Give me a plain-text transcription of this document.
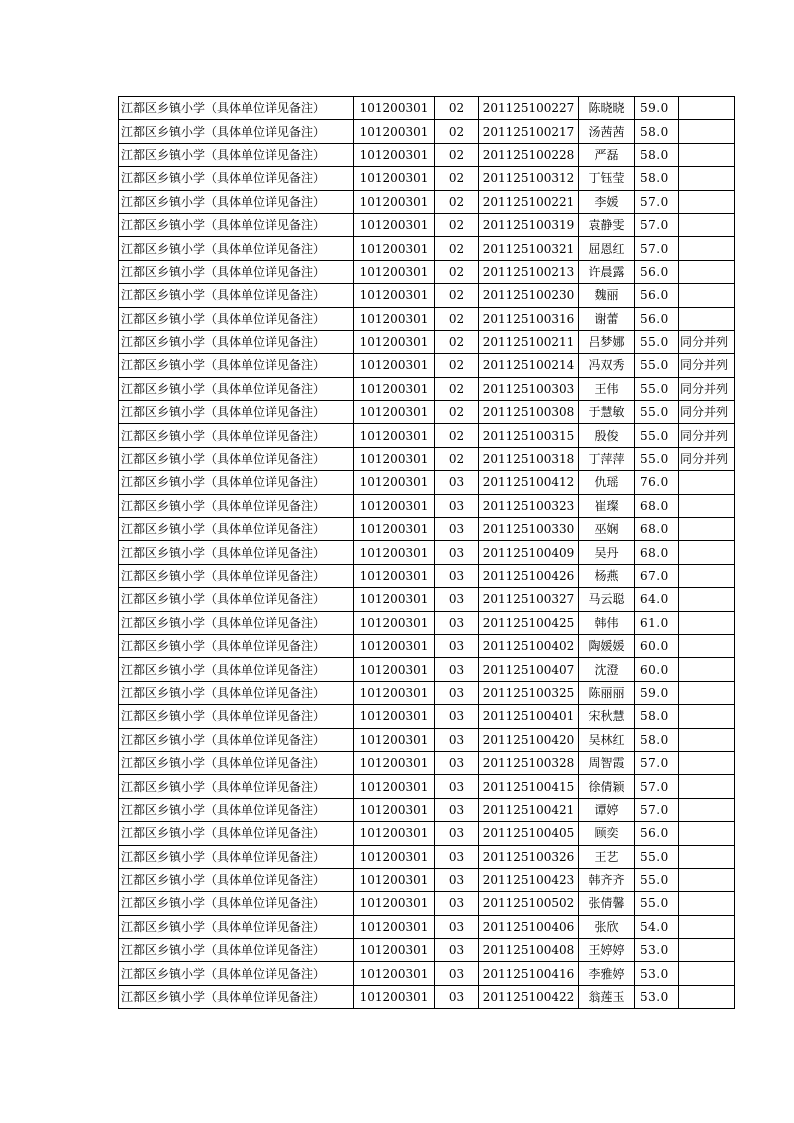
江都区乡镇小学（具体单位详见备注）	101200301	02	201125100227	陈晓晓	59.0	
江都区乡镇小学（具体单位详见备注）	101200301	02	201125100217	汤茜茜	58.0	
江都区乡镇小学（具体单位详见备注）	101200301	02	201125100228	严磊	58.0	
江都区乡镇小学（具体单位详见备注）	101200301	02	201125100312	丁钰莹	58.0	
江都区乡镇小学（具体单位详见备注）	101200301	02	201125100221	李媛	57.0	
江都区乡镇小学（具体单位详见备注）	101200301	02	201125100319	袁静雯	57.0	
江都区乡镇小学（具体单位详见备注）	101200301	02	201125100321	屈恩红	57.0	
江都区乡镇小学（具体单位详见备注）	101200301	02	201125100213	许晨露	56.0	
江都区乡镇小学（具体单位详见备注）	101200301	02	201125100230	魏丽	56.0	
江都区乡镇小学（具体单位详见备注）	101200301	02	201125100316	谢蕾	56.0	
江都区乡镇小学（具体单位详见备注）	101200301	02	201125100211	吕梦娜	55.0	同分并列
江都区乡镇小学（具体单位详见备注）	101200301	02	201125100214	冯双秀	55.0	同分并列
江都区乡镇小学（具体单位详见备注）	101200301	02	201125100303	王伟	55.0	同分并列
江都区乡镇小学（具体单位详见备注）	101200301	02	201125100308	于慧敏	55.0	同分并列
江都区乡镇小学（具体单位详见备注）	101200301	02	201125100315	殷俊	55.0	同分并列
江都区乡镇小学（具体单位详见备注）	101200301	02	201125100318	丁萍萍	55.0	同分并列
江都区乡镇小学（具体单位详见备注）	101200301	03	201125100412	仇瑶	76.0	
江都区乡镇小学（具体单位详见备注）	101200301	03	201125100323	崔璨	68.0	
江都区乡镇小学（具体单位详见备注）	101200301	03	201125100330	巫娴	68.0	
江都区乡镇小学（具体单位详见备注）	101200301	03	201125100409	吴丹	68.0	
江都区乡镇小学（具体单位详见备注）	101200301	03	201125100426	杨燕	67.0	
江都区乡镇小学（具体单位详见备注）	101200301	03	201125100327	马云聪	64.0	
江都区乡镇小学（具体单位详见备注）	101200301	03	201125100425	韩伟	61.0	
江都区乡镇小学（具体单位详见备注）	101200301	03	201125100402	陶媛媛	60.0	
江都区乡镇小学（具体单位详见备注）	101200301	03	201125100407	沈澄	60.0	
江都区乡镇小学（具体单位详见备注）	101200301	03	201125100325	陈丽丽	59.0	
江都区乡镇小学（具体单位详见备注）	101200301	03	201125100401	宋秋慧	58.0	
江都区乡镇小学（具体单位详见备注）	101200301	03	201125100420	吴林红	58.0	
江都区乡镇小学（具体单位详见备注）	101200301	03	201125100328	周智霞	57.0	
江都区乡镇小学（具体单位详见备注）	101200301	03	201125100415	徐倩颖	57.0	
江都区乡镇小学（具体单位详见备注）	101200301	03	201125100421	谭婷	57.0	
江都区乡镇小学（具体单位详见备注）	101200301	03	201125100405	顾奕	56.0	
江都区乡镇小学（具体单位详见备注）	101200301	03	201125100326	王艺	55.0	
江都区乡镇小学（具体单位详见备注）	101200301	03	201125100423	韩齐齐	55.0	
江都区乡镇小学（具体单位详见备注）	101200301	03	201125100502	张倩馨	55.0	
江都区乡镇小学（具体单位详见备注）	101200301	03	201125100406	张欣	54.0	
江都区乡镇小学（具体单位详见备注）	101200301	03	201125100408	王婷婷	53.0	
江都区乡镇小学（具体单位详见备注）	101200301	03	201125100416	李雅婷	53.0	
江都区乡镇小学（具体单位详见备注）	101200301	03	201125100422	翁莲玉	53.0	
